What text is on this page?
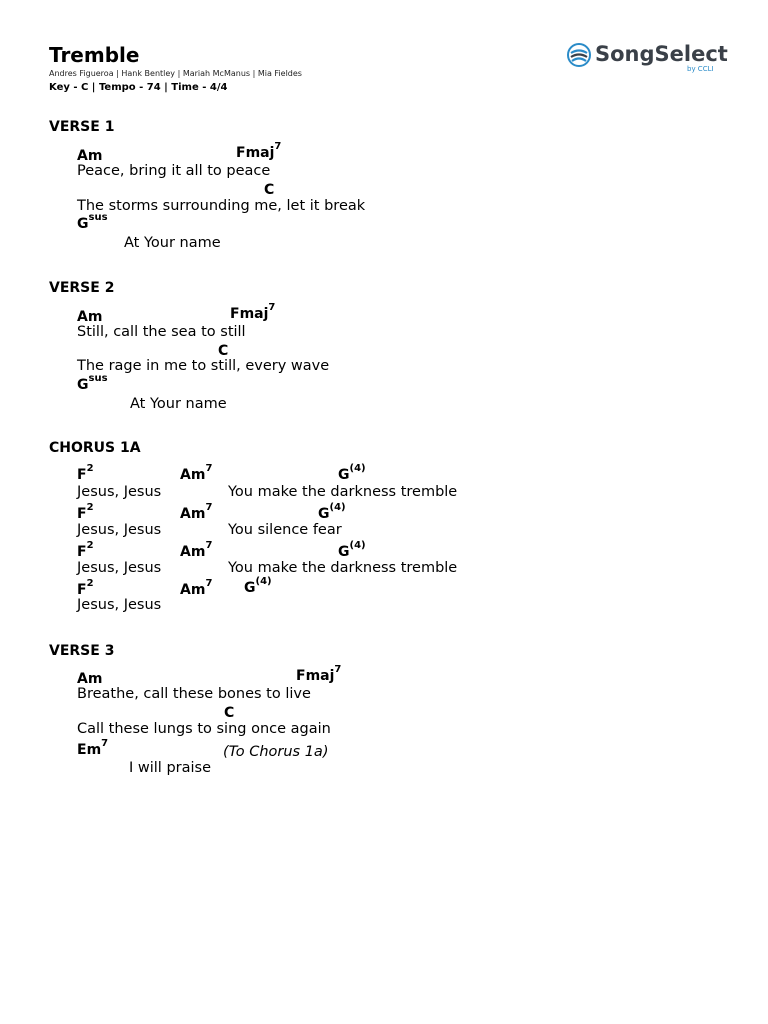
Tremble
Andres Figueroa | Hank Bentley | Mariah McManus | Mia Fieldes
Key - C | Tempo - 74 | Time - 4/4
SongSelect
by CCLI
VERSE 1
Am	Fmaj$^7$
Peace, bring it all to peace
C
The storms surrounding me, let it break
$G^{sus}$
At Your name
VERSE 2
Am	Fmaj$^7$
Still, call the sea to still
C
The rage in me to still, every wave
$G^{sus}$
At Your name
CHORUS 1A
$F^2$	Am$^7$	$G^{(4)}$
Jesus, Jesus	You make the darkness tremble
$F^2$	Am$^7$	$G^{(4)}$
Jesus, Jesus	You silence fear
$F^2$	Am$^7$	$G^{(4)}$
Jesus, Jesus	You make the darkness tremble
$F^2$	Am$^7$ $G^{(4)}$
Jesus, Jesus
VERSE 3
Am	Fmaj$^7$
Breathe, call these bones to live
C
Call these lungs to sing once again
Em$^7$
(To Chorus 1a)
I will praise
